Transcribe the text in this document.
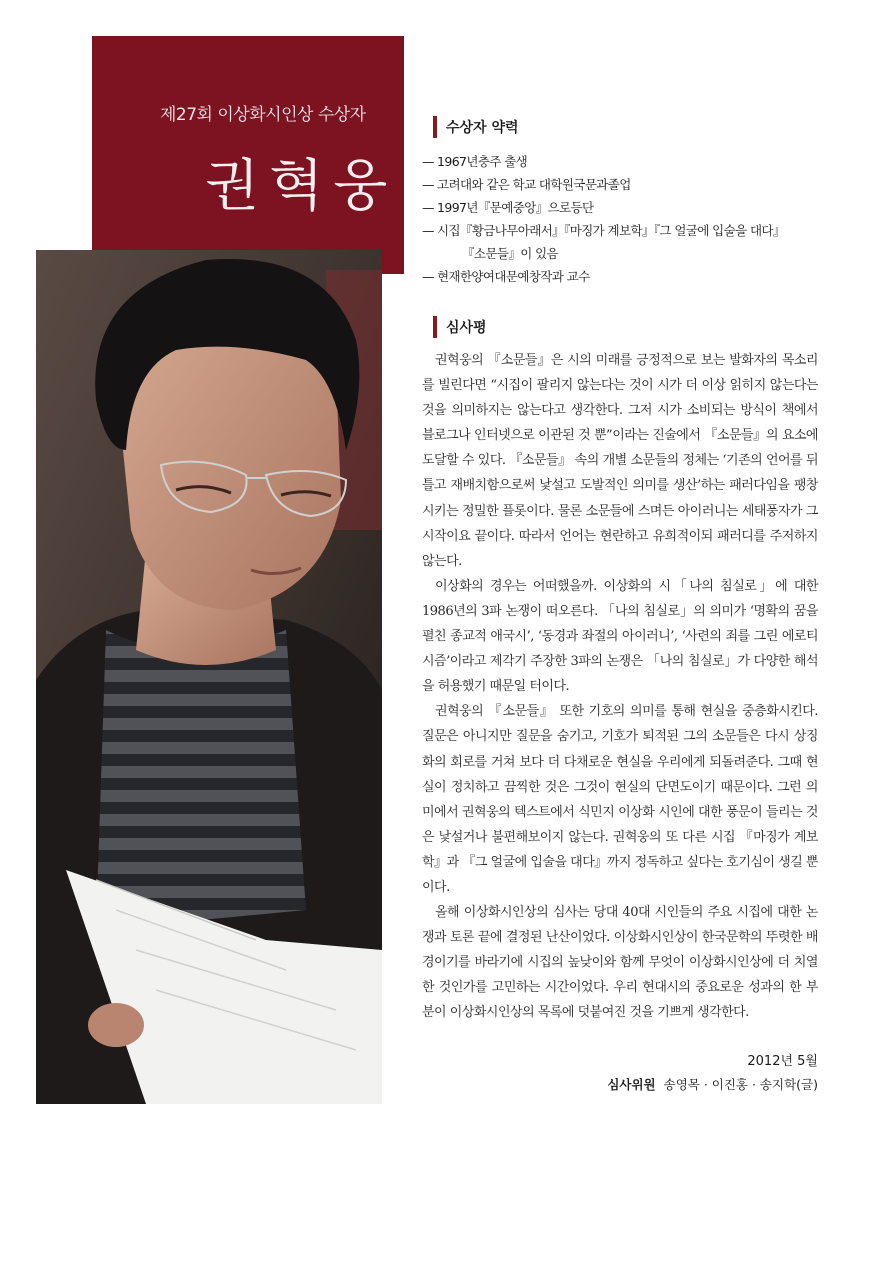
제27회 이상화시인상 수상자
권혁웅
수상자 약력
— 1967년충주 출생
— 고려대와 같은 학교 대학원국문과졸업
— 1997년『문예중앙』으로등단
— 시집『황금나무아래서』『마징가 계보학』『그 얼굴에 입술을 대다』
『소문들』이 있음
— 현재한양여대문예창작과 교수
심사평

권혁웅의 『소문들』은 시의 미래를 긍정적으로 보는 발화자의 목소리를 빌린다면 “시집이 팔리지 않는다는 것이 시가 더 이상 읽히지 않는다는 것을 의미하지는 않는다고 생각한다. 그저 시가 소비되는 방식이 책에서 블로그나 인터넷으로 이관된 것 뿐”이라는 진술에서 『소문들』의 요소에 도달할 수 있다. 『소문들』 속의 개별 소문들의 정체는 ‘기존의 언어를 뒤틀고 재배치함으로써 낯설고 도발적인 의미를 생산’하는 패러다임을 팽창시키는 정밀한 플롯이다. 물론 소문들에 스며든 아이러니는 세태풍자가 그 시작이요 끝이다. 따라서 언어는 현란하고 유희적이되 패러디를 주저하지 않는다.

이상화의 경우는 어떠했을까. 이상화의 시「나의 침실로」에 대한 1986년의 3파 논쟁이 떠오른다. 「나의 침실로」의 의미가 ‘명확의 꿈을 펼친 종교적 애국시’, ‘동경과 좌절의 아이러니’, ‘사련의 죄를 그린 에로티시즘’이라고 제각기 주장한 3파의 논쟁은 「나의 침실로」가 다양한 해석을 허용했기 때문일 터이다.

권혁웅의 『소문들』 또한 기호의 의미를 통해 현실을 중층화시킨다. 질문은 아니지만 질문을 숨기고, 기호가 퇴적된 그의 소문들은 다시 상징화의 회로를 거쳐 보다 더 다채로운 현실을 우리에게 되돌려준다. 그때 현실이 정치하고 끔찍한 것은 그것이 현실의 단면도이기 때문이다. 그런 의미에서 권혁웅의 텍스트에서 식민지 이상화 시인에 대한 풍문이 들리는 것은 낯설거나 불편해보이지 않는다. 권혁웅의 또 다른 시집 『마징가 계보학』과 『그 얼굴에 입술을 대다』까지 정독하고 싶다는 호기심이 생길 뿐이다.

올해 이상화시인상의 심사는 당대 40대 시인들의 주요 시집에 대한 논쟁과 토론 끝에 결정된 난산이었다. 이상화시인상이 한국문학의 뚜렷한 배경이기를 바라기에 시집의 높낮이와 함께 무엇이 이상화시인상에 더 치열한 것인가를 고민하는 시간이었다. 우리 현대시의 중요로운 성과의 한 부분이 이상화시인상의 목록에 덧붙여진 것을 기쁘게 생각한다.

2012년 5월
심사위원 송영목 · 이진홍 · 송지학(글)
